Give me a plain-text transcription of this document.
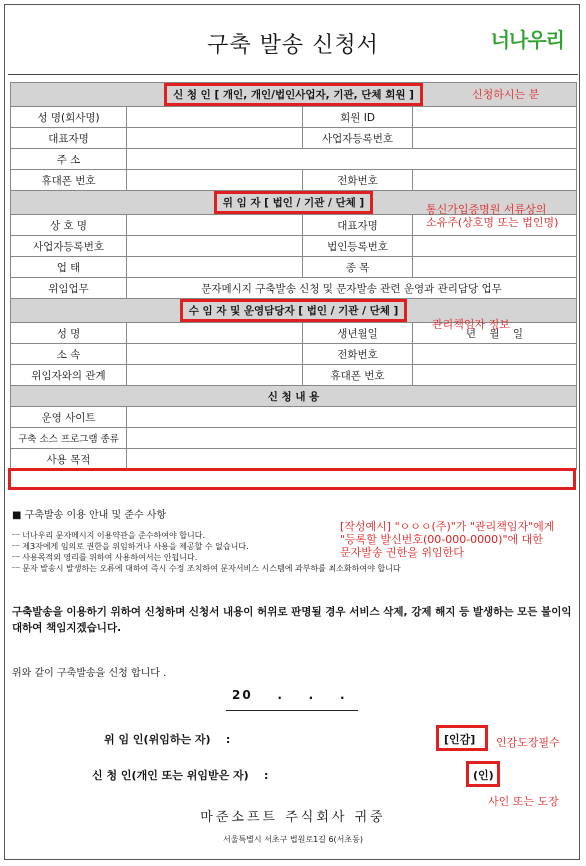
구축 발송 신청서	너나우리
신 청 인 [ 개인, 개인/법인사업자, 기관, 단체 회원 ]			
성 명(회사명)		회원 ID	
대표자명		사업자등록번호	
주 소			
휴대폰 번호		전화번호	
위 임 자 [ 법인 / 기관 / 단체 ]			
상 호 명		대표자명	
사업자등록번호		법인등록번호	
업 태		종 목	
위임업무	문자메시지 구축발송 신청 및 문자발송 관련 운영과 관리담당 업무		
수 임 자 및 운영담당자 [ 법인 / 기관 / 단체 ]			
성 명		생년월일	년    월    일
소 속		전화번호	
위임자와의 관계		휴대폰 번호	
신 청 내 용			
운영 사이트			
구축 소스 프로그램 종류			
사용 목적			
신청하시는 분
통신가입증명원 서류상의
소유주(상호명 또는 법인명)
관리책임자 정보
■ 구축발송 이용 안내 및 준수 사항
ㅡ 너나우리 문자메시지 이용약관을 준수하여야 합니다.
ㅡ 제3자에게 임의로 권한을 위임하거나 사용을 제공할 수 없습니다.
ㅡ 사용목적외 영리를 위하여 사용하여서는 안됩니다.
ㅡ 문자 발송시 발생하는 오류에 대하여 즉시 수정 조치하여 문자서비스 시스템에 과부하를 최소화하여야 합니다
[작성예시] "ㅇㅇㅇ(주)"가 "관리책임자"에게
"등록할 발신번호(00-000-0000)"에 대한
문자발송 권한을 위임한다
구축발송을 이용하기 위하여 신청하며 신청서 내용이 허위로 판명될 경우 서비스 삭제, 강제 해지 등 발생하는 모든 불이익 대하여 책임지겠습니다.
위와 같이 구축발송을 신청 합니다 .
20    .    .    .
위 임 인(위임하는 자)    :	[인감] 인감도장필수
신 청 인(개인 또는 위임받은 자)    :	(인)
사인 또는 도장
마준소프트 주식회사 귀중
서울특별시 서초구 법원로1길 6(서초동)
